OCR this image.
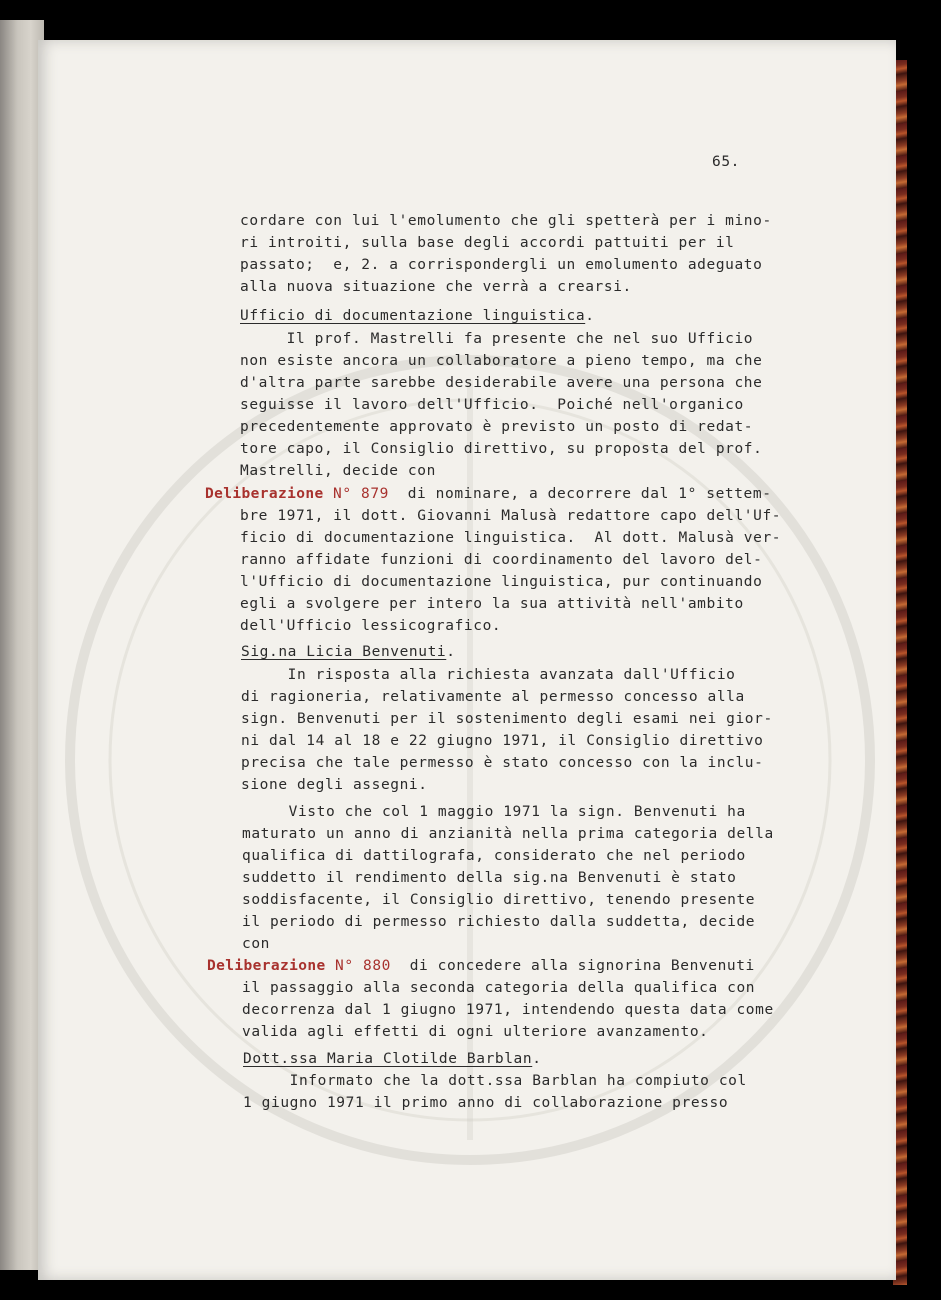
65.
cordare con lui l'emolumento che gli spetterà per i mino-
ri introiti, sulla base degli accordi pattuiti per il
passato;  e, 2. a corrispondergli un emolumento adeguato
alla nuova situazione che verrà a crearsi.
Ufficio di documentazione linguistica.
Il prof. Mastrelli fa presente che nel suo Ufficio
non esiste ancora un collaboratore a pieno tempo, ma che
d'altra parte sarebbe desiderabile avere una persona che
seguisse il lavoro dell'Ufficio.  Poiché nell'organico
precedentemente approvato è previsto un posto di redat-
tore capo, il Consiglio direttivo, su proposta del prof.
Mastrelli, decide con
Deliberazione N° 879 di nominare, a decorrere dal 1° settem-
bre 1971, il dott. Giovanni Malusà redattore capo dell'Uf-
ficio di documentazione linguistica.  Al dott. Malusà ver-
ranno affidate funzioni di coordinamento del lavoro del-
l'Ufficio di documentazione linguistica, pur continuando
egli a svolgere per intero la sua attività nell'ambito
dell'Ufficio lessicografico.
Sig.na Licia Benvenuti.
In risposta alla richiesta avanzata dall'Ufficio
di ragioneria, relativamente al permesso concesso alla
sign. Benvenuti per il sostenimento degli esami nei gior-
ni dal 14 al 18 e 22 giugno 1971, il Consiglio direttivo
precisa che tale permesso è stato concesso con la inclu-
sione degli assegni.
Visto che col 1 maggio 1971 la sign. Benvenuti ha
maturato un anno di anzianità nella prima categoria della
qualifica di dattilografa, considerato che nel periodo
suddetto il rendimento della sig.na Benvenuti è stato
soddisfacente, il Consiglio direttivo, tenendo presente
il periodo di permesso richiesto dalla suddetta, decide
con
Deliberazione N° 880 di concedere alla signorina Benvenuti
il passaggio alla seconda categoria della qualifica con
decorrenza dal 1 giugno 1971, intendendo questa data come
valida agli effetti di ogni ulteriore avanzamento.
Dott.ssa Maria Clotilde Barblan.
Informato che la dott.ssa Barblan ha compiuto col
1 giugno 1971 il primo anno di collaborazione presso
